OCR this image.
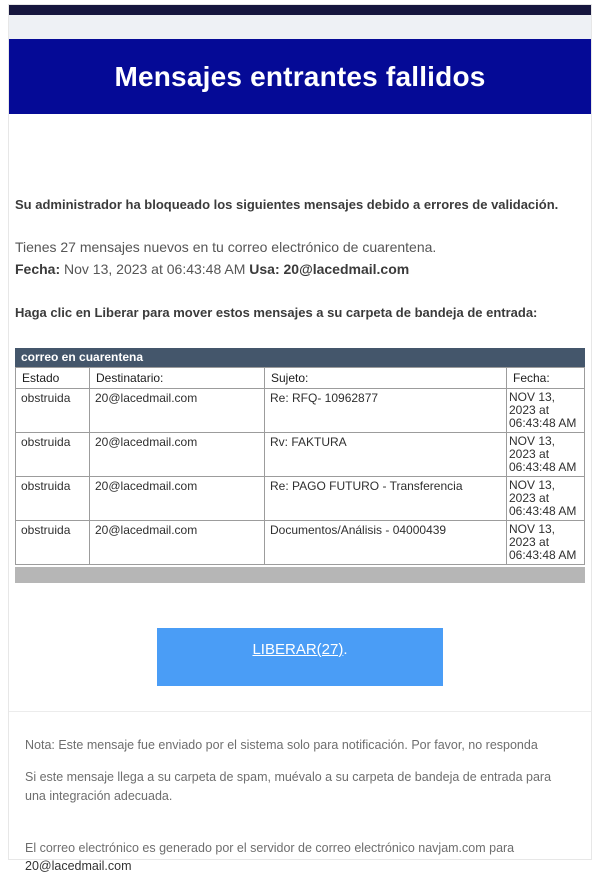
Mensajes entrantes fallidos

Su administrador ha bloqueado los siguientes mensajes debido a errores de validación.

Tienes 27 mensajes nuevos en tu correo electrónico de cuarentena.

Fecha: Nov 13, 2023 at 06:43:48 AM Usa: 20@lacedmail.com

Haga clic en Liberar para mover estos mensajes a su carpeta de bandeja de entrada:

correo en cuarentena
Estado	Destinatario:	Sujeto:	Fecha:
obstruida	20@lacedmail.com	Re: RFQ- 10962877	NOV 13, 2023 at 06:43:48 AM
obstruida	20@lacedmail.com	Rv: FAKTURA	NOV 13, 2023 at 06:43:48 AM
obstruida	20@lacedmail.com	Re: PAGO FUTURO - Transferencia	NOV 13, 2023 at 06:43:48 AM
obstruida	20@lacedmail.com	Documentos/Análisis - 04000439	NOV 13, 2023 at 06:43:48 AM
LIBERAR(27).

Nota: Este mensaje fue enviado por el sistema solo para notificación. Por favor, no responda

Si este mensaje llega a su carpeta de spam, muévalo a su carpeta de bandeja de entrada para
una integración adecuada.

El correo electrónico es generado por el servidor de correo electrónico navjam.com para
20@lacedmail.com
